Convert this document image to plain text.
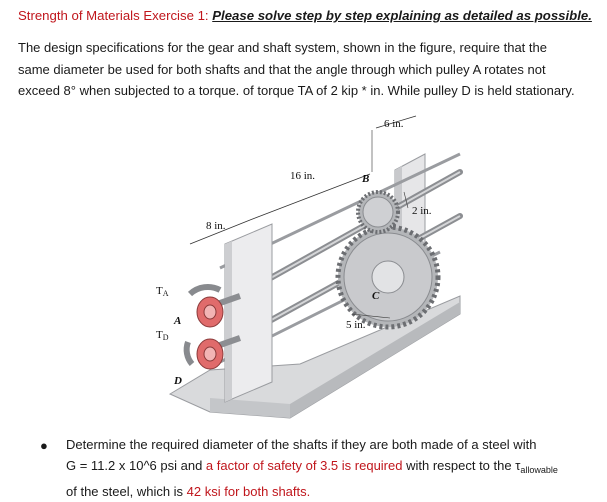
Strength of Materials Exercise 1: Please solve step by step explaining as detailed as possible.
The design specifications for the gear and shaft system, shown in the figure, require that the
same diameter be used for both shafts and that the angle through which pulley A rotates not
exceed 8° when subjected to a torque. of torque TA of 2 kip * in. While pulley D is held stationary.
6 in.
16 in.
8 in.
2 in.
5 in.
B
C
A
D
TA
TD
● Determine the required diameter of the shafts if they are both made of a steel with
G = 11.2 x 10^6 psi and a factor of safety of 3.5 is required with respect to the $\tau_{allowable}$
of the steel, which is 42 ksi for both shafts.
